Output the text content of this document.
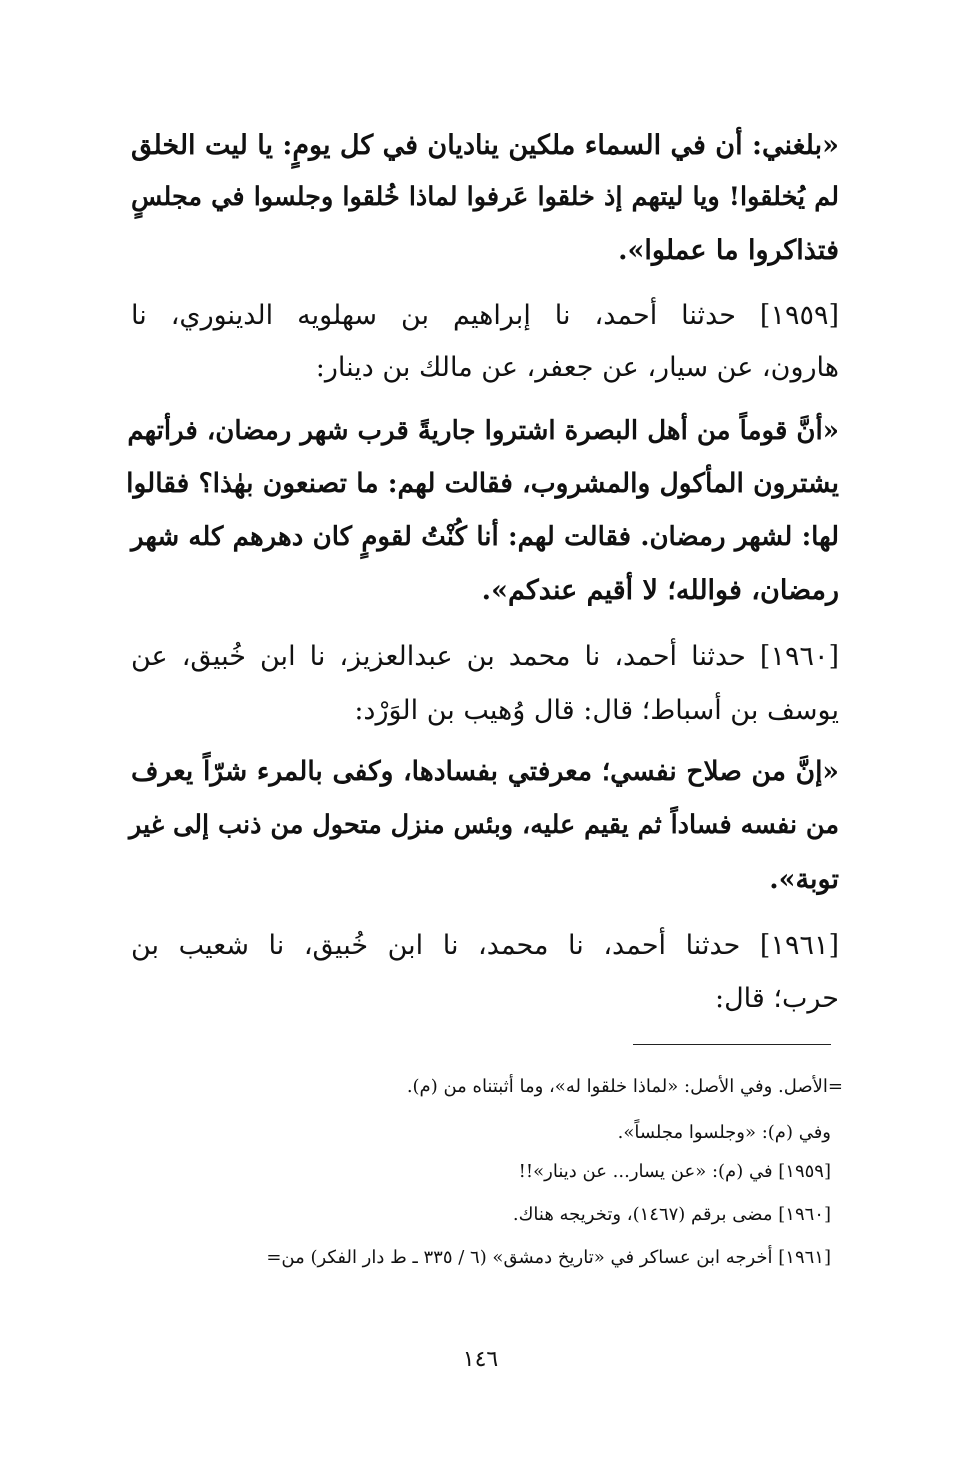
«بلغني: أن في السماء ملكين يناديان في كل يومٍ: يا ليت الخلق
لم يُخلقوا! ويا ليتهم إذ خلقوا عَرفوا لماذا خُلقوا وجلسوا في مجلسٍ
فتذاكروا ما عملوا».
[١٩٥٩] حدثنا أحمد، نا إبراهيم بن سهلويه الدينوري، نا
هارون، عن سيار، عن جعفر، عن مالك بن دينار:
«أنَّ قوماً من أهل البصرة اشتروا جاريةً قرب شهر رمضان، فرأتهم
يشترون المأكول والمشروب، فقالت لهم: ما تصنعون بهٰذا؟ فقالوا
لها: لشهر رمضان. فقالت لهم: أنا كُنْتُ لقومٍ كان دهرهم كله شهر
رمضان، فوالله؛ لا أقيم عندكم».
[١٩٦٠] حدثنا أحمد، نا محمد بن عبدالعزيز، نا ابن خُبيق، عن
يوسف بن أسباط؛ قال: قال وُهيب بن الوَرْد:
«إنَّ من صلاح نفسي؛ معرفتي بفسادها، وكفى بالمرء شرّاً يعرف
من نفسه فساداً ثم يقيم عليه، وبئس منزل متحول من ذنب إلى غير
توبة».
[١٩٦١] حدثنا أحمد، نا محمد، نا ابن خُبيق، نا شعيب بن
حرب؛ قال:
=الأصل. وفي الأصل: «لماذا خلقوا له»، وما أثبتناه من (م).
وفي (م): «وجلسوا مجلساً».
[١٩٥٩] في (م): «عن يسار... عن دينار»!!
[١٩٦٠] مضى برقم (١٤٦٧)، وتخريجه هناك.
[١٩٦١] أخرجه ابن عساكر في «تاريخ دمشق» (٦ / ٣٣٥ ـ ط دار الفكر) من=
١٤٦
